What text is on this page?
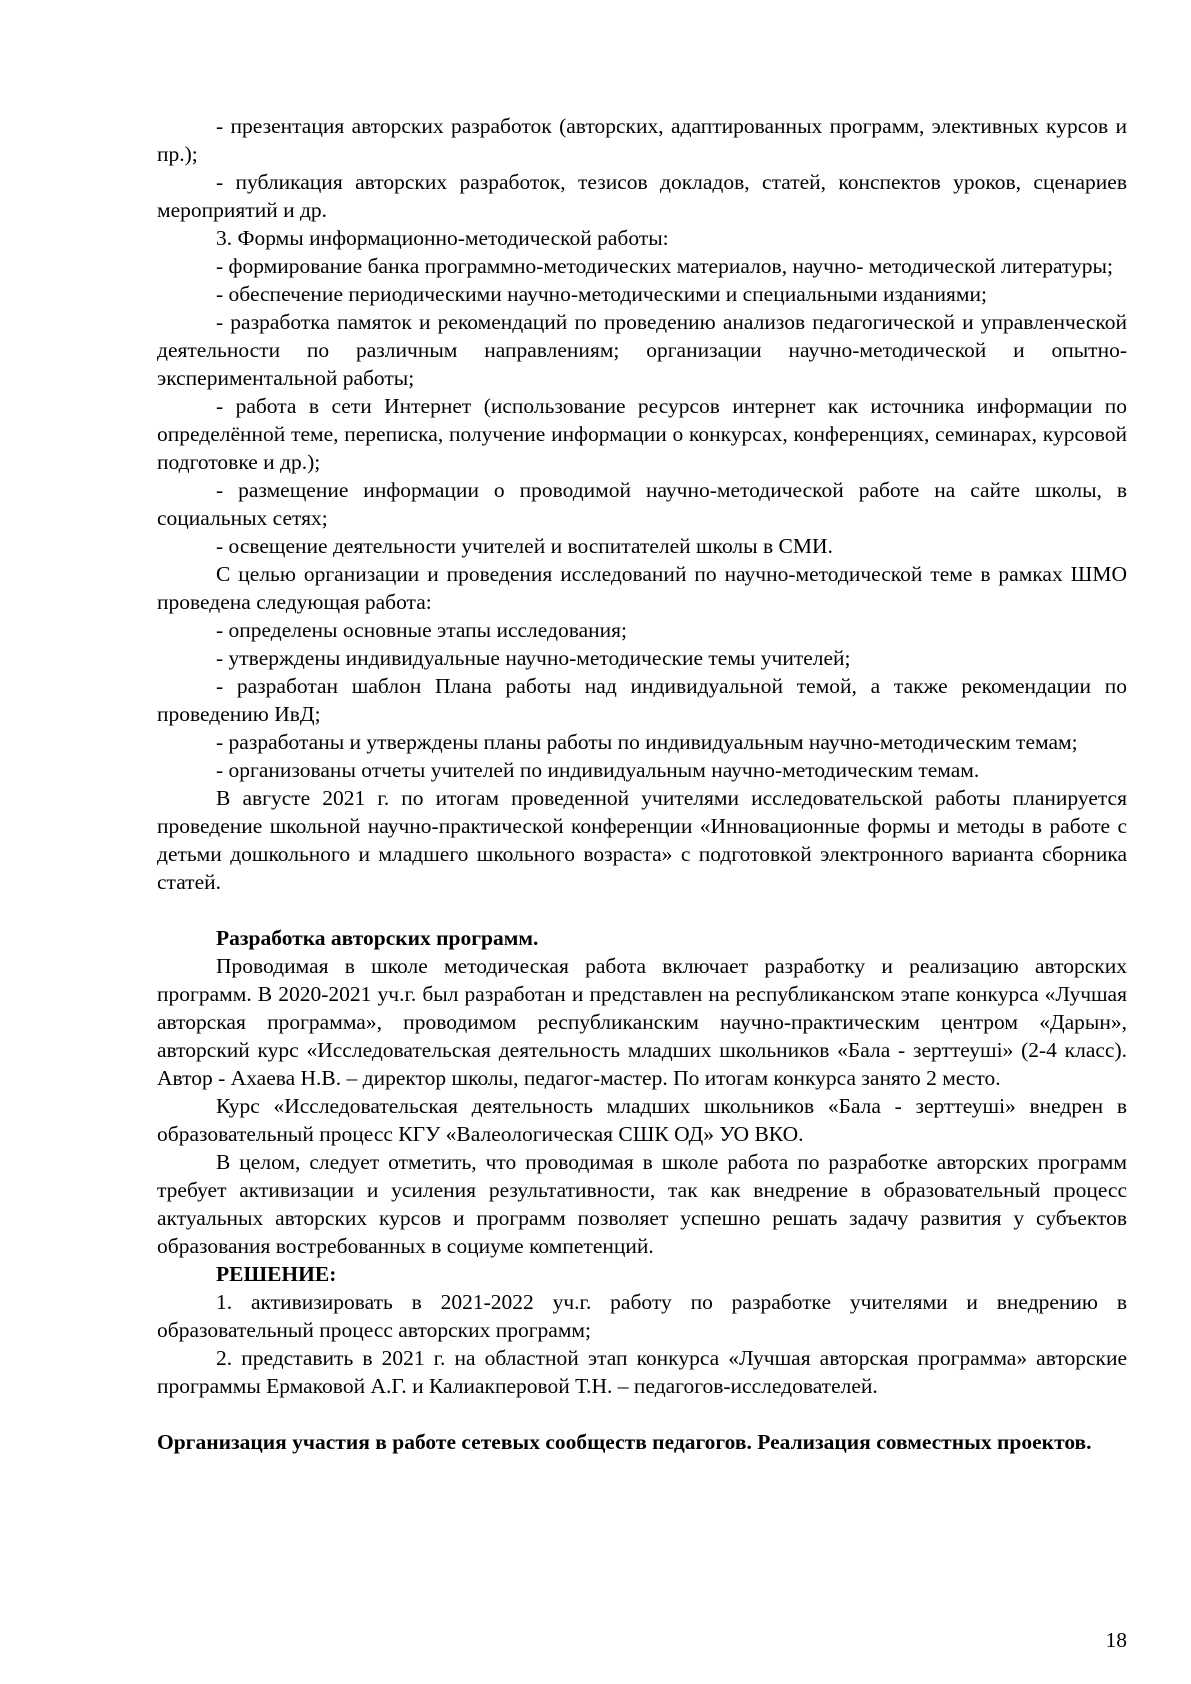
- презентация авторских разработок (авторских, адаптированных программ, элективных курсов и пр.);

- публикация авторских разработок, тезисов докладов, статей, конспектов уроков, сценариев мероприятий и др.

3. Формы информационно-методической работы:

- формирование банка программно-методических материалов, научно- методической литературы;

- обеспечение периодическими научно-методическими и специальными изданиями;

- разработка памяток и рекомендаций по проведению анализов педагогической и управленческой деятельности по различным направлениям; организации научно-методической и опытно-экспериментальной работы;

- работа в сети Интернет (использование ресурсов интернет как источника информации по определённой теме, переписка, получение информации о конкурсах, конференциях, семинарах, курсовой подготовке и др.);

- размещение информации о проводимой научно-методической работе на сайте школы, в социальных сетях;

- освещение деятельности учителей и воспитателей школы в СМИ.

С целью организации и проведения исследований по научно-методической теме в рамках ШМО проведена следующая работа:

- определены основные этапы исследования;

- утверждены индивидуальные научно-методические темы учителей;

- разработан шаблон Плана работы над индивидуальной темой, а также рекомендации по проведению ИвД;

- разработаны и утверждены планы работы по индивидуальным научно-методическим темам;

- организованы отчеты учителей по индивидуальным научно-методическим темам.

В августе 2021 г. по итогам проведенной учителями исследовательской работы планируется проведение школьной научно-практической конференции «Инновационные формы и методы в работе с детьми дошкольного и младшего школьного возраста» с подготовкой электронного варианта сборника статей.

Разработка авторских программ.

Проводимая в школе методическая работа включает разработку и реализацию авторских программ. В 2020-2021 уч.г. был разработан и представлен на республиканском этапе конкурса «Лучшая авторская программа», проводимом республиканским научно-практическим центром «Дарын», авторский курс «Исследовательская деятельность младших школьников «Бала - зерттеушi» (2-4 класс). Автор - Ахаева Н.В. – директор школы, педагог-мастер. По итогам конкурса занято 2 место.

Курс «Исследовательская деятельность младших школьников «Бала - зерттеушi» внедрен в образовательный процесс КГУ «Валеологическая СШК ОД» УО ВКО.

В целом, следует отметить, что проводимая в школе работа по разработке авторских программ требует активизации и усиления результативности, так как внедрение в образовательный процесс актуальных авторских курсов и программ позволяет успешно решать задачу развития у субъектов образования востребованных в социуме компетенций.

РЕШЕНИЕ:

1. активизировать в 2021-2022 уч.г. работу по разработке учителями и внедрению в образовательный процесс авторских программ;

2. представить в 2021 г. на областной этап конкурса «Лучшая авторская программа» авторские программы Ермаковой А.Г. и Калиакперовой Т.Н. – педагогов-исследователей.

Организация участия в работе сетевых сообществ педагогов. Реализация совместных проектов.

18
